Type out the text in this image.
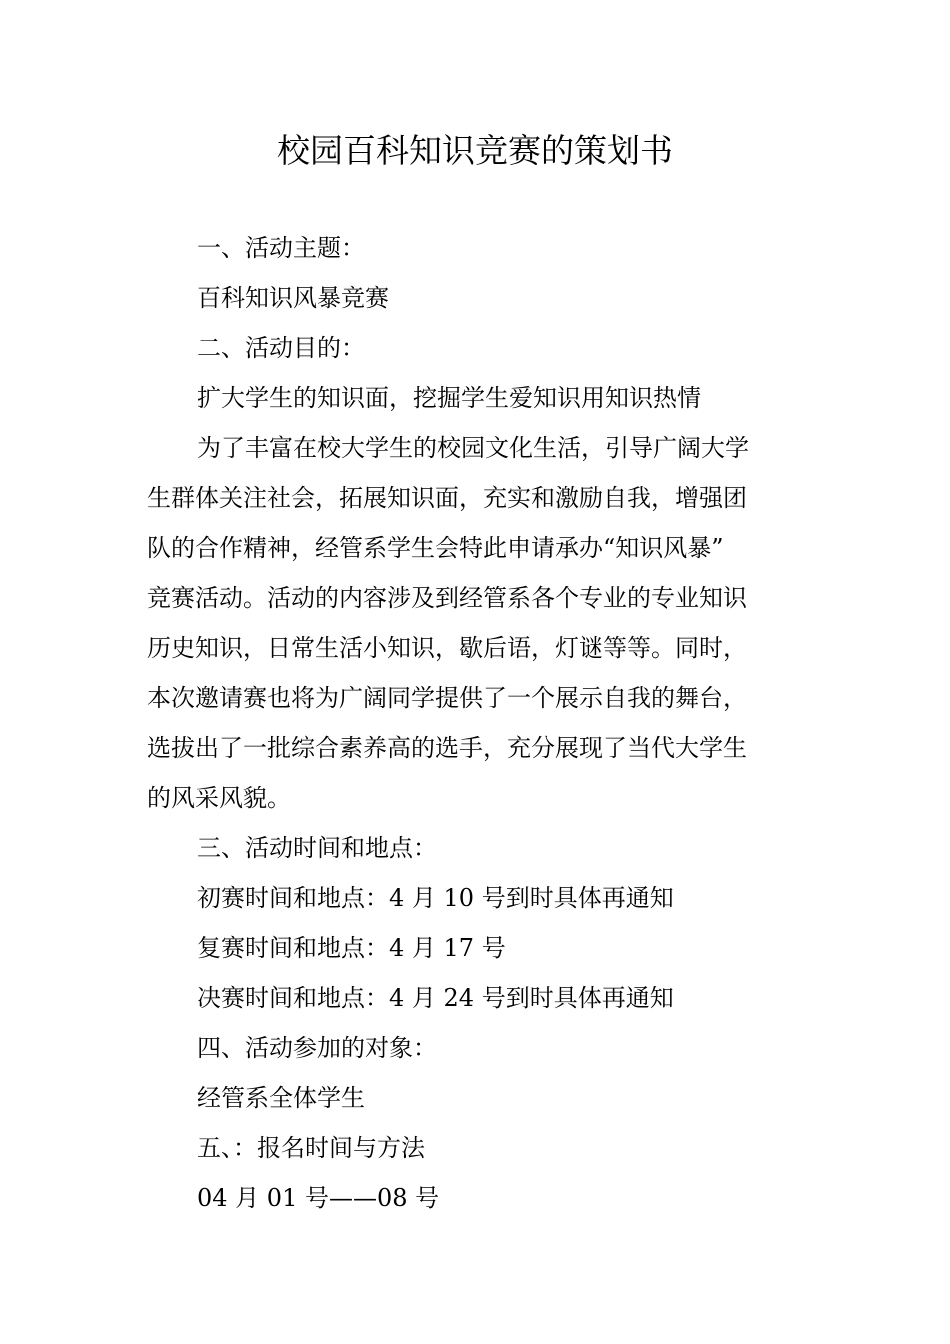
校园百科知识竞赛的策划书

一、活动主题：

百科知识风暴竞赛

二、活动目的：

扩大学生的知识面，挖掘学生爱知识用知识热情

为了丰富在校大学生的校园文化生活，引导广阔大学

生群体关注社会，拓展知识面，充实和激励自我，增强团

队的合作精神，经管系学生会特此申请承办“知识风暴”

竞赛活动。活动的内容涉及到经管系各个专业的专业知识

历史知识，日常生活小知识，歇后语，灯谜等等。同时，

本次邀请赛也将为广阔同学提供了一个展示自我的舞台，

选拔出了一批综合素养高的选手，充分展现了当代大学生

的风采风貌。

三、活动时间和地点：

初赛时间和地点：4 月 10 号到时具体再通知

复赛时间和地点：4 月 17 号

决赛时间和地点：4 月 24 号到时具体再通知

四、活动参加的对象：

经管系全体学生

五、：报名时间与方法

04 月 01 号——08 号
